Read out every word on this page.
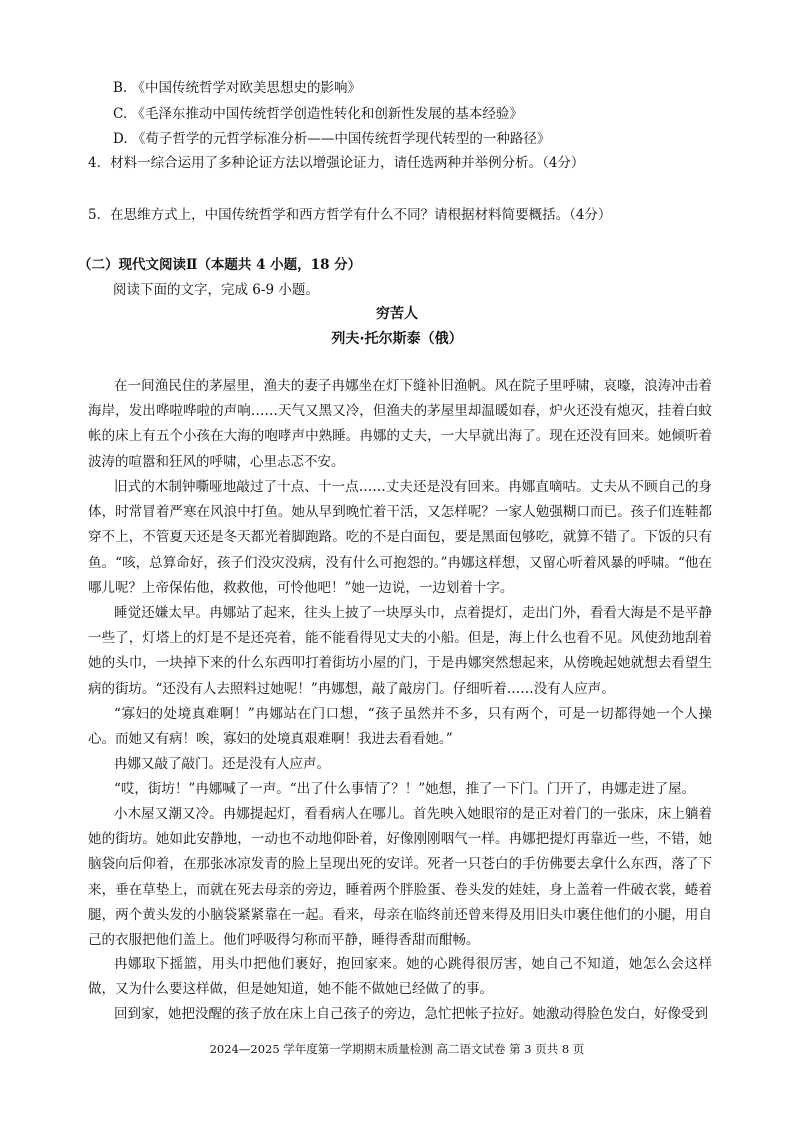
B. 《中国传统哲学对欧美思想史的影响》
C. 《毛泽东推动中国传统哲学创造性转化和创新性发展的基本经验》
D. 《荀子哲学的元哲学标准分析——中国传统哲学现代转型的一种路径》
4．材料一综合运用了多种论证方法以增强论证力，请任选两种并举例分析。（4分）
5．在思维方式上，中国传统哲学和西方哲学有什么不同？请根据材料简要概括。（4分）
（二）现代文阅读Ⅱ（本题共 4 小题，18 分）
阅读下面的文字，完成 6-9 小题。
穷苦人
列夫·托尔斯泰（俄）
在一间渔民住的茅屋里，渔夫的妻子冉娜坐在灯下缝补旧渔帆。风在院子里呼啸，哀嚎，浪涛冲击着海岸，发出哗啦哗啦的声响……天气又黑又冷，但渔夫的茅屋里却温暖如春，炉火还没有熄灭，挂着白蚊帐的床上有五个小孩在大海的咆哮声中熟睡。冉娜的丈夫，一大早就出海了。现在还没有回来。她倾听着波涛的喧嚣和狂风的呼啸，心里忐忑不安。
旧式的木制钟嘶哑地敲过了十点、十一点……丈夫还是没有回来。冉娜直嘀咕。丈夫从不顾自己的身体，时常冒着严寒在风浪中打鱼。她从早到晚忙着干活，又怎样呢？一家人勉强糊口而已。孩子们连鞋都穿不上，不管夏天还是冬天都光着脚跑路。吃的不是白面包，要是黑面包够吃，就算不错了。下饭的只有鱼。“咳，总算命好，孩子们没灾没病，没有什么可抱怨的。”冉娜这样想，又留心听着风暴的呼啸。“他在哪儿呢？上帝保佑他，救救他，可怜他吧！”她一边说，一边划着十字。
睡觉还嫌太早。冉娜站了起来，往头上披了一块厚头巾，点着提灯，走出门外，看看大海是不是平静一些了，灯塔上的灯是不是还亮着，能不能看得见丈夫的小船。但是，海上什么也看不见。风使劲地刮着她的头巾，一块掉下来的什么东西叩打着街坊小屋的门，于是冉娜突然想起来，从傍晚起她就想去看望生病的街坊。“还没有人去照料过她呢！”冉娜想，敲了敲房门。仔细听着……没有人应声。
“寡妇的处境真难啊！”冉娜站在门口想，“孩子虽然并不多，只有两个，可是一切都得她一个人操心。而她又有病！唉，寡妇的处境真艰难啊！我进去看看她。”
冉娜又敲了敲门。还是没有人应声。
“哎，街坊！”冉娜喊了一声。“出了什么事情了？！”她想，推了一下门。门开了，冉娜走进了屋。
小木屋又潮又冷。冉娜提起灯，看看病人在哪儿。首先映入她眼帘的是正对着门的一张床，床上躺着她的街坊。她如此安静地，一动也不动地仰卧着，好像刚刚咽气一样。冉娜把提灯再靠近一些，不错，她脑袋向后仰着，在那张冰凉发青的脸上呈现出死的安详。死者一只苍白的手仿佛要去拿什么东西，落了下来，垂在草垫上，而就在死去母亲的旁边，睡着两个胖脸蛋、卷头发的娃娃，身上盖着一件破衣裳，蜷着腿，两个黄头发的小脑袋紧紧靠在一起。看来，母亲在临终前还曾来得及用旧头巾裹住他们的小腿，用自己的衣服把他们盖上。他们呼吸得匀称而平静，睡得香甜而酣畅。
冉娜取下摇篮，用头巾把他们裹好，抱回家来。她的心跳得很厉害，她自己不知道，她怎么会这样做，又为什么要这样做，但是她知道，她不能不做她已经做了的事。
回到家，她把没醒的孩子放在床上自己孩子的旁边，急忙把帐子拉好。她激动得脸色发白，好像受到
2024—2025 学年度第一学期期末质量检测 高二语文试卷 第 3 页共 8 页
